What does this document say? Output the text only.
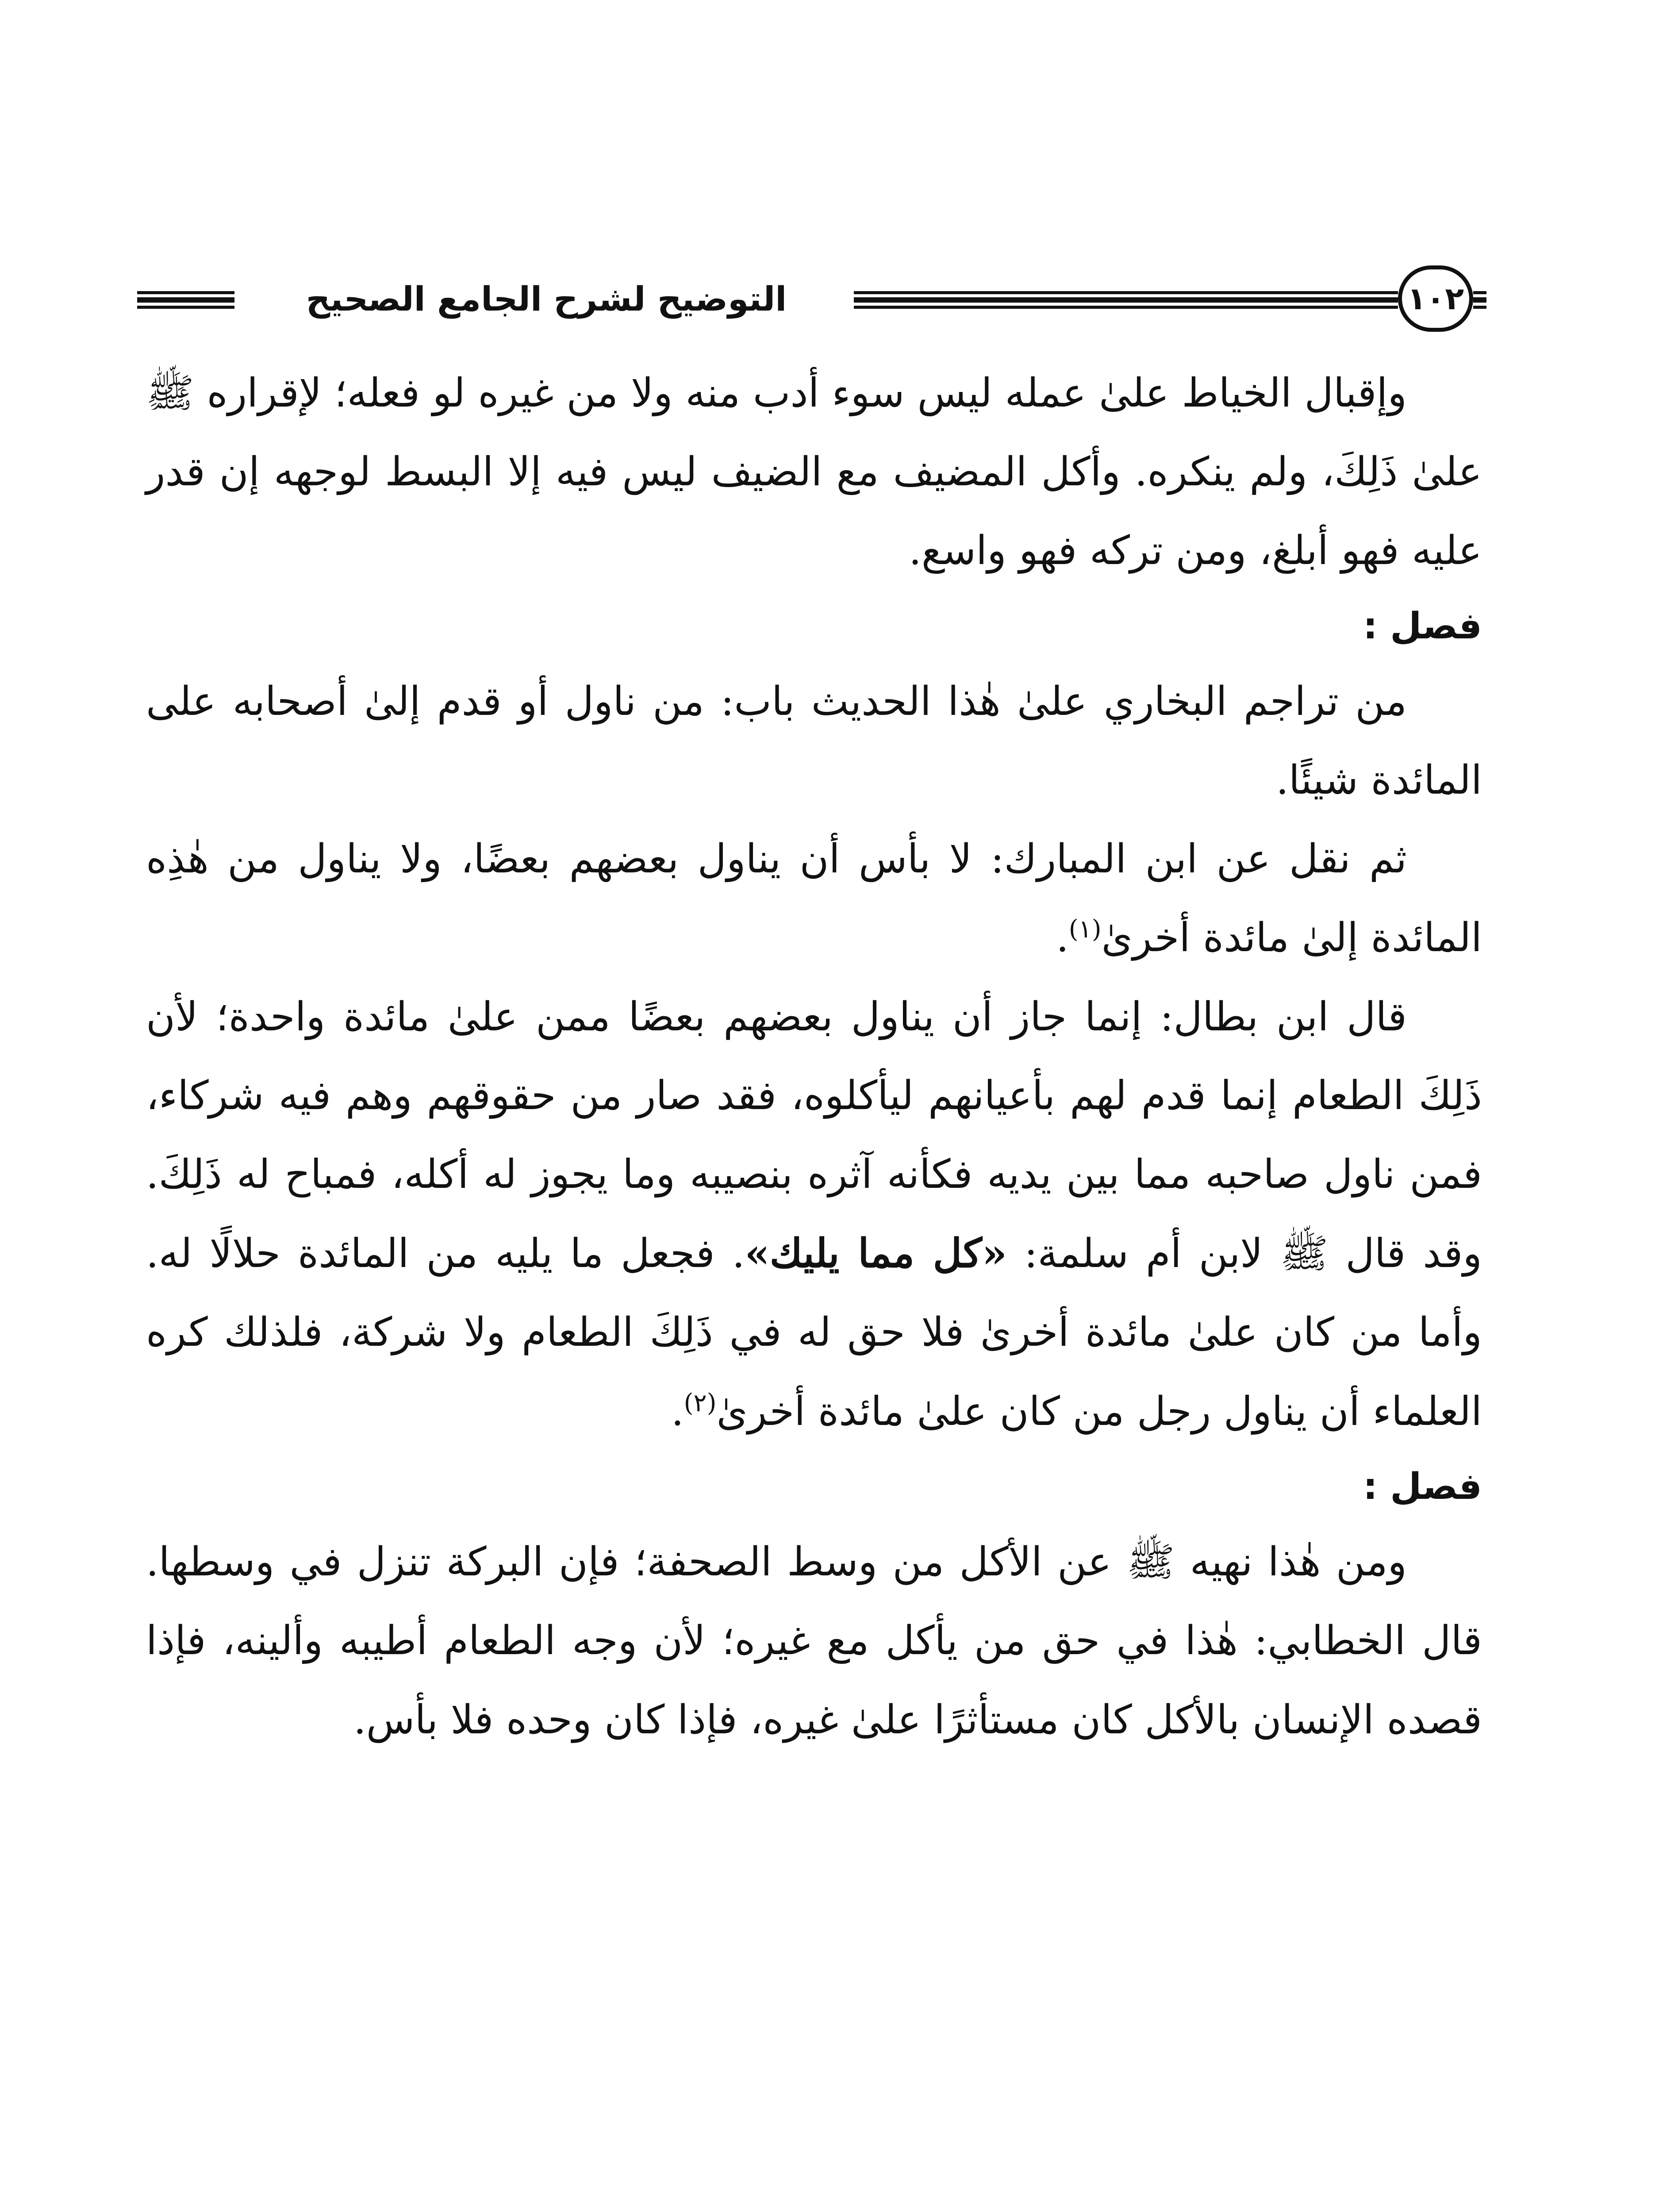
التوضيح لشرح الجامع الصحيح	١٠٢

وإقبال الخياط علىٰ عمله ليس سوء أدب منه ولا من غيره لو فعله؛ لإقراره ﷺ علىٰ ذَلِكَ، ولم ينكره. وأكل المضيف مع الضيف ليس فيه إلا البسط لوجهه إن قدر عليه فهو أبلغ، ومن تركه فهو واسع.

فصل :

من تراجم البخاري علىٰ هٰذا الحديث باب: من ناول أو قدم إلىٰ أصحابه على المائدة شيئًا.

ثم نقل عن ابن المبارك: لا بأس أن يناول بعضهم بعضًا، ولا يناول من هٰذِه المائدة إلىٰ مائدة أخرىٰ$^{(١)}$.

قال ابن بطال: إنما جاز أن يناول بعضهم بعضًا ممن علىٰ مائدة واحدة؛ لأن ذَلِكَ الطعام إنما قدم لهم بأعيانهم ليأكلوه، فقد صار من حقوقهم وهم فيه شركاء، فمن ناول صاحبه مما بين يديه فكأنه آثره بنصيبه وما يجوز له أكله، فمباح له ذَلِكَ. وقد قال ﷺ لابن أم سلمة: «كل مما يليك». فجعل ما يليه من المائدة حلالًا له. وأما من كان علىٰ مائدة أخرىٰ فلا حق له في ذَلِكَ الطعام ولا شركة، فلذلك كره العلماء أن يناول رجل من كان علىٰ مائدة أخرىٰ$^{(٢)}$.

فصل :

ومن هٰذا نهيه ﷺ عن الأكل من وسط الصحفة؛ فإن البركة تنزل في وسطها. قال الخطابي: هٰذا في حق من يأكل مع غيره؛ لأن وجه الطعام أطيبه وألينه، فإذا قصده الإنسان بالأكل كان مستأثرًا علىٰ غيره، فإذا كان وحده فلا بأس.
